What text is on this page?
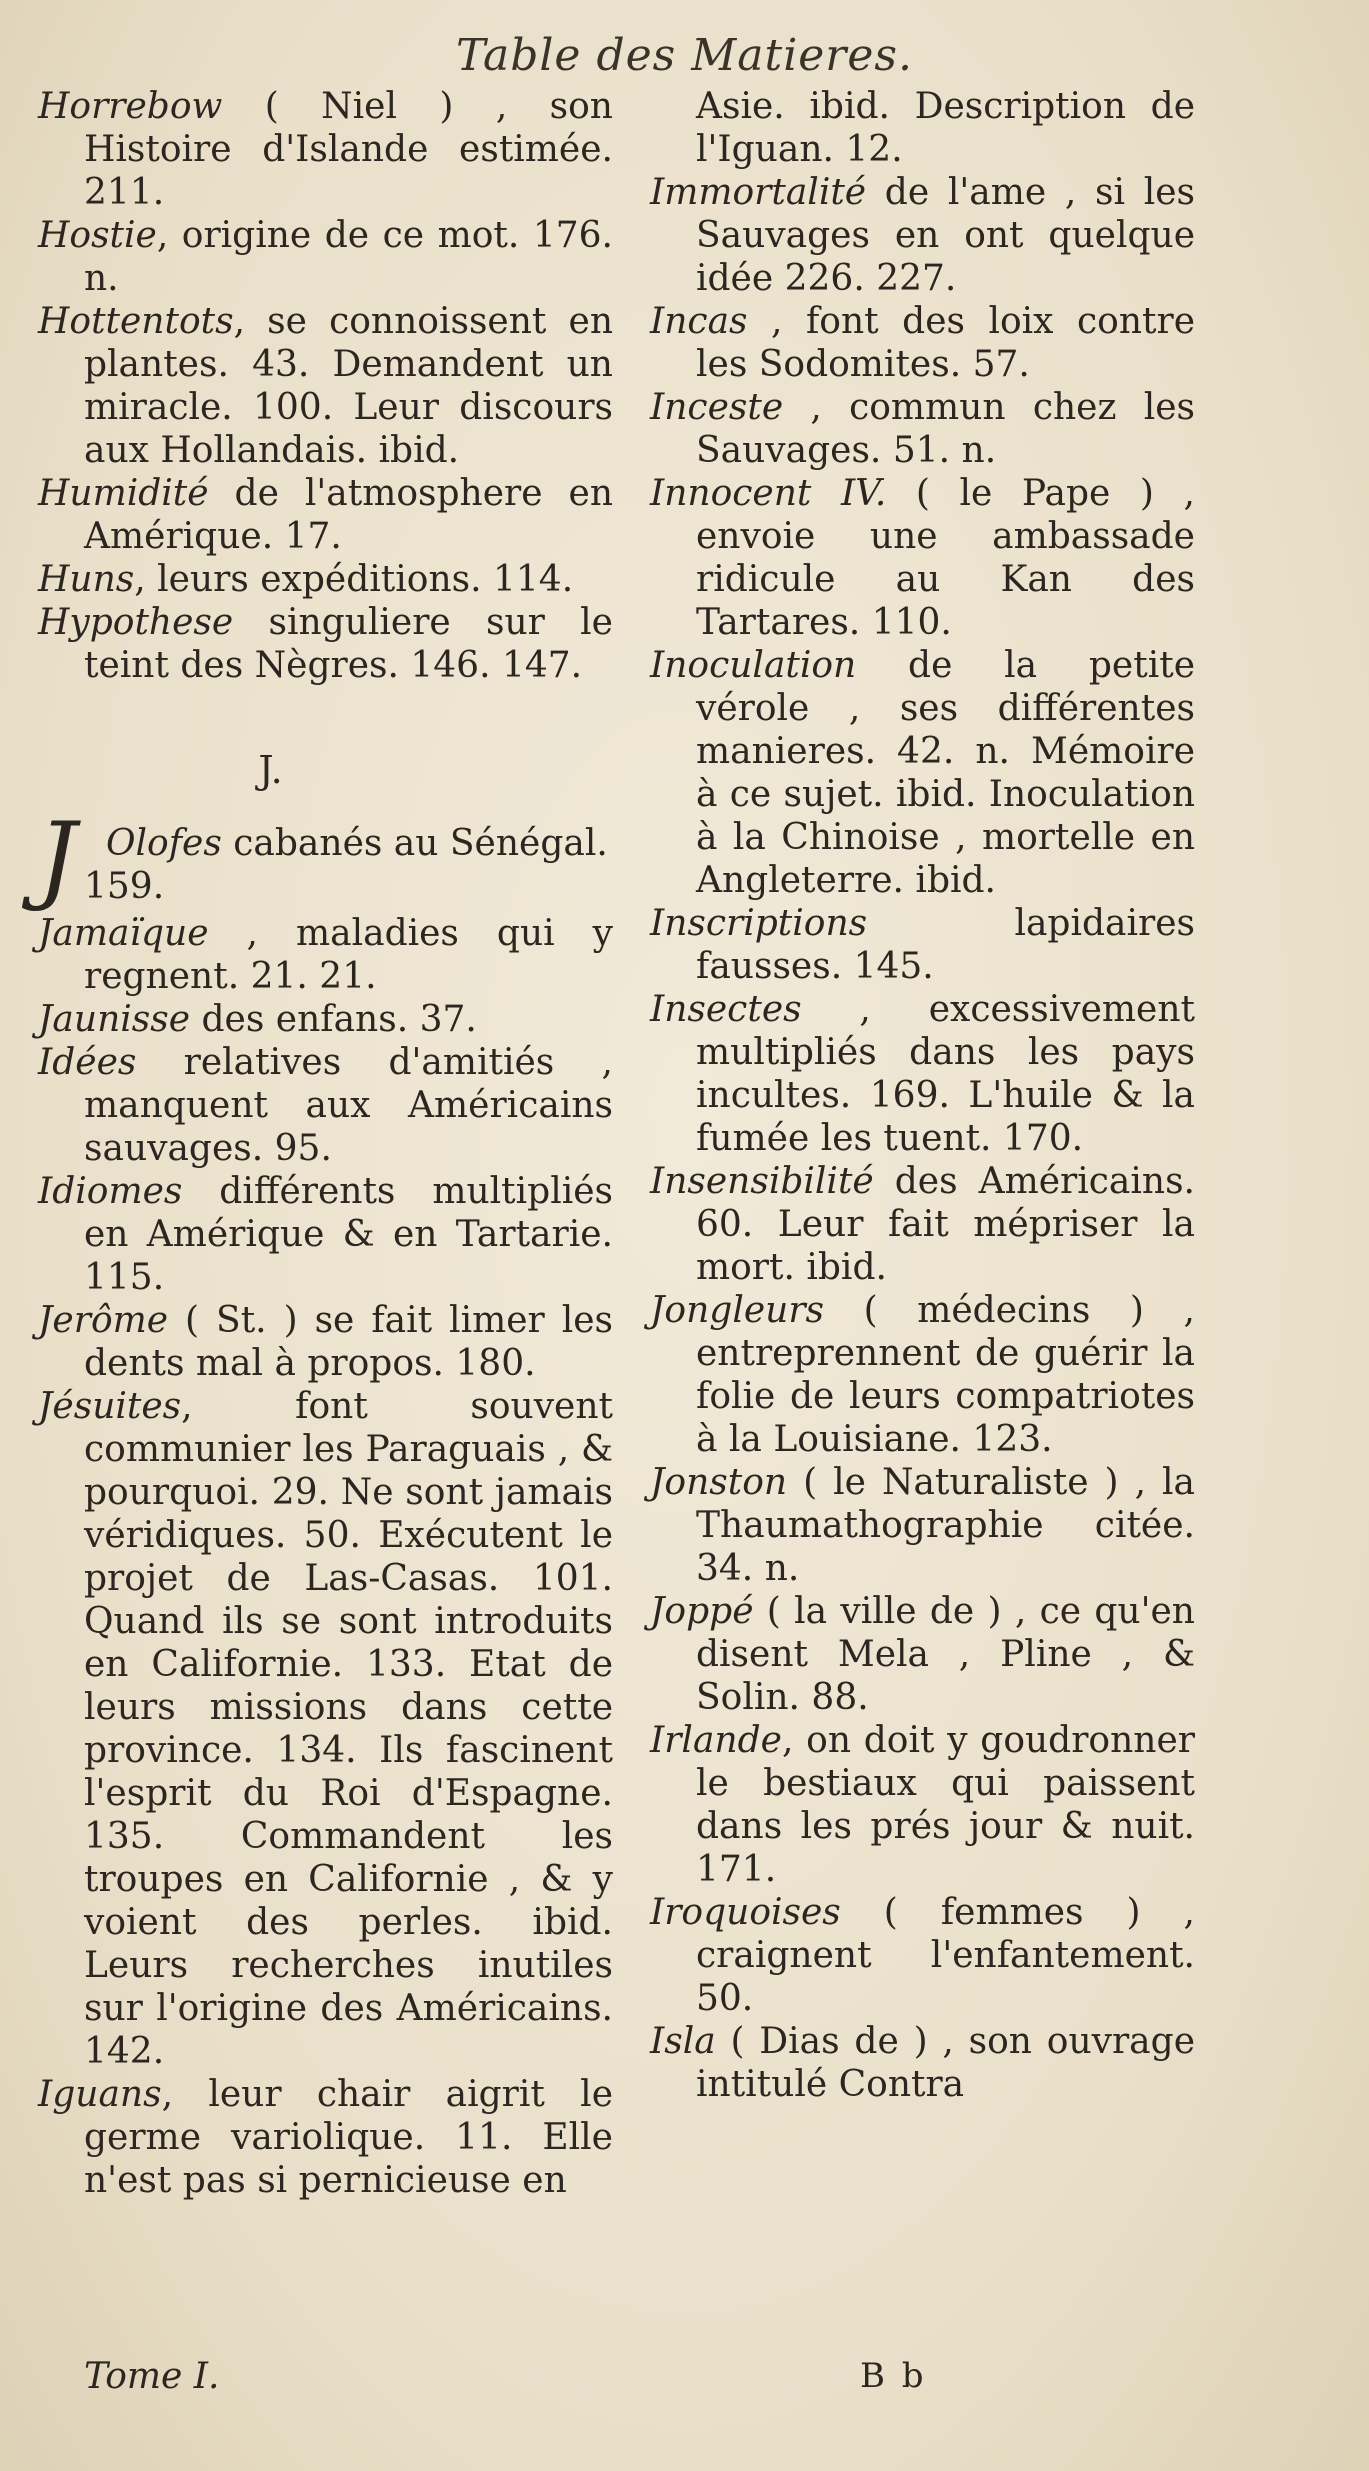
Table des Matieres.
Horrebow ( Niel ) , son Histoire d'Islande estimée. 211.
Hostie, origine de ce mot. 176. n.
Hottentots, se connoissent en plantes. 43. Demandent un miracle. 100. Leur discours aux Hollandais. ibid.
Humidité de l'atmosphere en Amérique. 17.
Huns, leurs expéditions. 114.
Hypothese singuliere sur le teint des Nègres. 146. 147.
J.
J Olofes cabanés au Sénégal.
159.
Jamaïque , maladies qui y regnent. 21. 21.
Jaunisse des enfans. 37.
Idées relatives d'amitiés , manquent aux Américains sauvages. 95.
Idiomes différents multipliés en Amérique & en Tartarie. 115.
Jerôme ( St. ) se fait limer les dents mal à propos. 180.
Jésuites, font souvent communier les Paraguais , & pourquoi. 29. Ne sont jamais véridiques. 50. Exécutent le projet de Las-Casas. 101. Quand ils se sont introduits en Californie. 133. Etat de leurs missions dans cette province. 134. Ils fascinent l'esprit du Roi d'Espagne. 135. Commandent les troupes en Californie , & y voient des perles. ibid. Leurs recherches inutiles sur l'origine des Américains. 142.
Iguans, leur chair aigrit le germe variolique. 11. Elle n'est pas si pernicieuse en
Asie. ibid. Description de l'Iguan. 12.
Immortalité de l'ame , si les Sauvages en ont quelque idée 226. 227.
Incas , font des loix contre les Sodomites. 57.
Inceste , commun chez les Sauvages. 51. n.
Innocent IV. ( le Pape ) , envoie une ambassade ridicule au Kan des Tartares. 110.
Inoculation de la petite vérole , ses différentes manieres. 42. n. Mémoire à ce sujet. ibid. Inoculation à la Chinoise , mortelle en Angleterre. ibid.
Inscriptions lapidaires fausses. 145.
Insectes , excessivement multipliés dans les pays incultes. 169. L'huile & la fumée les tuent. 170.
Insensibilité des Américains. 60. Leur fait mépriser la mort. ibid.
Jongleurs ( médecins ) , entreprennent de guérir la folie de leurs compatriotes à la Louisiane. 123.
Jonston ( le Naturaliste ) , la Thaumathographie citée. 34. n.
Joppé ( la ville de ) , ce qu'en disent Mela , Pline , & Solin. 88.
Irlande, on doit y goudronner le bestiaux qui paissent dans les prés jour & nuit. 171.
Iroquoises ( femmes ) , craignent l'enfantement. 50.
Isla ( Dias de ) , son ouvrage intitulé Contra
Tome I.	B b
